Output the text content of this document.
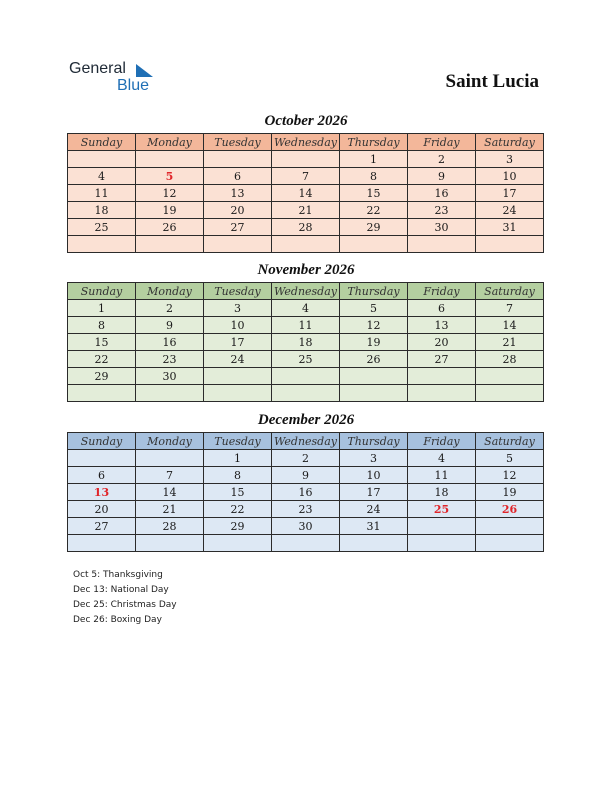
General
Blue	Saint Lucia
October 2026
Sunday	Monday	Tuesday	Wednesday	Thursday	Friday	Saturday
				1	2	3
4	5	6	7	8	9	10
11	12	13	14	15	16	17
18	19	20	21	22	23	24
25	26	27	28	29	30	31

November 2026
Sunday	Monday	Tuesday	Wednesday	Thursday	Friday	Saturday
1	2	3	4	5	6	7
8	9	10	11	12	13	14
15	16	17	18	19	20	21
22	23	24	25	26	27	28
29	30					

December 2026
Sunday	Monday	Tuesday	Wednesday	Thursday	Friday	Saturday
		1	2	3	4	5
6	7	8	9	10	11	12
13	14	15	16	17	18	19
20	21	22	23	24	25	26
27	28	29	30	31		

Oct 5: Thanksgiving
Dec 13: National Day
Dec 25: Christmas Day
Dec 26: Boxing Day
